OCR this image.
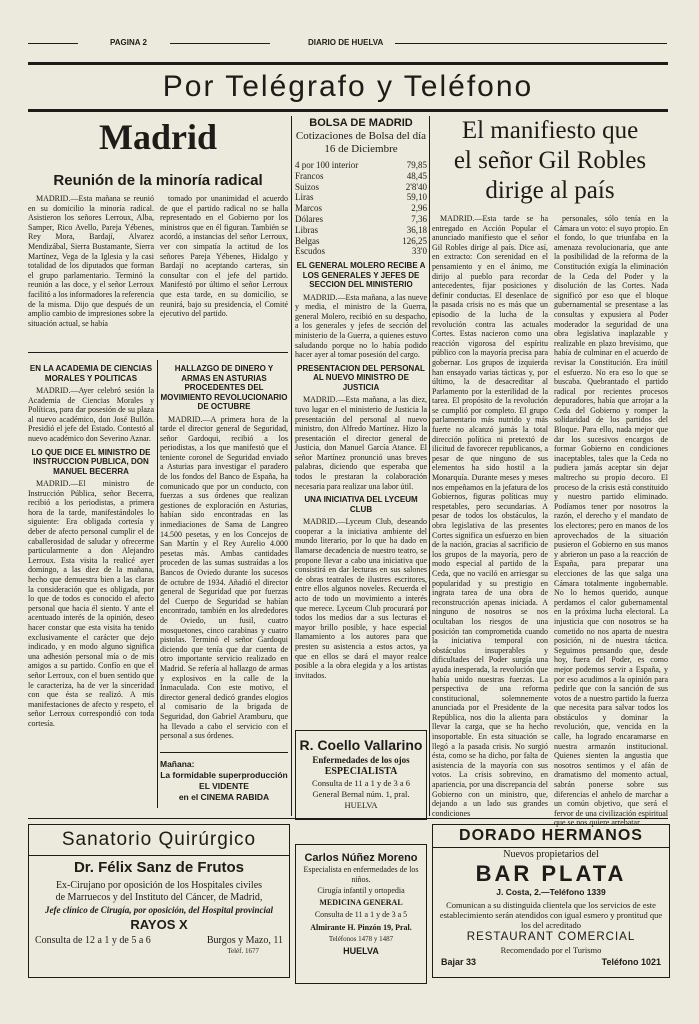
PAGINA 2	DIARIO DE HUELVA
Por Telégrafo y Teléfono
Madrid
Reunión de la minoría radical

MADRID.—Esta mañana se reunió en su domicilio la minoría radical. Asistieron los señores Lerroux, Alba, Samper, Rico Avello, Pareja Yébenes, Rey Mora, Bardají, Alvarez Mendizábal, Sierra Bustamante, Sierra Martínez, Vega de la Iglesia y la casi totalidad de los diputados que forman el grupo parlamentario. Terminó la reunión a las doce, y el señor Lerroux facilitó a los informadores la referencia de la misma. Dijo que después de un amplio cambio de impresiones sobre la situación actual, se había

tomado por unanimidad el acuerdo de que el partido radical no se halla representado en el Gobierno por los ministros que en él figuran. También se acordó, a instancias del señor Lerroux, ver con simpatía la actitud de los señores Pareja Yébenes, Hidalgo y Bardají no aceptando carteras, sin consultar con el jefe del partido. Manifestó por último el señor Lerroux que esta tarde, en su domicilio, se reunirá, bajo su presidencia, el Comité ejecutivo del partido.

EN LA ACADEMIA DE CIENCIAS MORALES Y POLITICAS

MADRID.—Ayer celebró sesión la Academia de Ciencias Morales y Políticas, para dar posesión de su plaza al nuevo académico, don José Bullón. Presidió el jefe del Estado. Contestó al nuevo académico don Severino Aznar.

LO QUE DICE EL MINISTRO DE INSTRUCCION PUBLICA, DON MANUEL BECERRA

MADRID.—El ministro de Instrucción Pública, señor Becerra, recibió a los periodistas, a primera hora de la tarde, manifestándoles lo siguiente: Era obligada cortesía y deber de afecto personal cumplir el de caballerosidad de saludar y ofrecerme particularmente a don Alejandro Lerroux. Esta visita la realicé ayer domingo, a las diez de la mañana, hecho que demuestra bien a las claras la consideración que es obligada, por lo que de todos es conocido el afecto personal que hacia él siento. Y ante el acentuado interés de la opinión, deseo hacer constar que esta visita ha tenido exclusivamente el carácter que dejo indicado, y en modo alguno significa una adhesión personal mía o de mis amigos a su partido. Confío en que el señor Lerroux, con el buen sentido que le caracteriza, ha de ver la sinceridad con que ésta se realizó. A mis manifestaciones de afecto y respeto, el señor Lerroux correspondió con toda cortesía.

HALLAZGO DE DINERO Y ARMAS EN ASTURIAS PROCEDENTES DEL MOVIMIENTO REVOLUCIONARIO DE OCTUBRE

MADRID.—A primera hora de la tarde el director general de Seguridad, señor Gardoqui, recibió a los periodistas, a los que manifestó que el teniente coronel de Seguridad enviado a Asturias para investigar el paradero de los fondos del Banco de España, ha comunicado que por un conducto, con fuerzas a sus órdenes que realizan gestiones de exploración en Asturias, habían sido encontradas en las inmediaciones de Sama de Langreo 14.500 pesetas, y en los Concejos de San Martín y el Rey Aurelio 4.000 pesetas más. Ambas cantidades proceden de las sumas sustraídas a los Bancos de Oviedo durante los sucesos de octubre de 1934. Añadió el director general de Seguridad que por fuerzas del Cuerpo de Seguridad se habían encontrado, también en los alrededores de Oviedo, un fusil, cuatro mosquetones, cinco carabinas y cuatro pistolas. Terminó el señor Gardoqui diciendo que tenía que dar cuenta de otro importante servicio realizado en Madrid. Se refería al hallazgo de armas y explosivos en la calle de la Inmaculada. Con este motivo, el director general dedicó grandes elogios al comisario de la brigada de Seguridad, don Gabriel Aramburu, que ha llevado a cabo el servicio con el personal a sus órdenes.

Mañana:
La formidable superproducción
EL VIDENTE
en el CINEMA RABIDA
BOLSA DE MADRID
Cotizaciones de Bolsa del día 16 de Diciembre
4 por 100 interior	79,85
Francos	48,45
Suizos	2'8'40
Liras	59,10
Marcos	2,96
Dólares	7,36
Libras	36,18
Belgas	126,25
Escudos	33'0
EL GENERAL MOLERO RECIBE A LOS GENERALES Y JEFES DE SECCION DEL MINISTERIO

MADRID.—Esta mañana, a las nueve y media, el ministro de la Guerra, general Molero, recibió en su despacho, a los generales y jefes de sección del ministerio de la Guerra, a quienes estuvo saludando porque no lo había podido hacer ayer al tomar posesión del cargo.

PRESENTACION DEL PERSONAL AL NUEVO MINISTRO DE JUSTICIA

MADRID.—Esta mañana, a las diez, tuvo lugar en el ministerio de Justicia la presentación del personal al nuevo ministro, don Alfredo Martínez. Hizo la presentación el director general de Justicia, don Manuel García Atance. El señor Martínez pronunció unas breves palabras, diciendo que esperaba que todos le prestaran la colaboración necesaria para realizar una labor útil.

UNA INICIATIVA DEL LYCEUM CLUB

MADRID.—Lyceum Club, deseando cooperar a la iniciativa ambiente del mundo literario, por lo que ha dado en llamarse decadencia de nuestro teatro, se propone llevar a cabo una iniciativa que consistirá en dar lecturas en sus salones de obras teatrales de ilustres escritores, entre ellos algunos noveles. Recuerda el acto de todo un movimiento a interés que merece. Lyceum Club procurará por todos los medios dar a sus lecturas el mayor brillo posible, y hace especial llamamiento a los autores para que presten su asistencia a estos actos, ya que en ellos se dará el mayor realce posible a la obra elegida y a los artistas invitados.

R. Coello Vallarino
Enfermedades de los ojos
ESPECIALISTA
Consulta de 11 a 1 y de 3 a 6
General Bernal núm. 1, pral.
HUELVA
El manifiesto que
el señor Gil Robles
dirige al país

MADRID.—Esta tarde se ha entregado en Acción Popular el anunciado manifiesto que el señor Gil Robles dirige al país. Dice así, en extracto: Con serenidad en el pensamiento y en el ánimo, me dirijo al pueblo para recordar antecedentes, fijar posiciones y definir conductas. El desenlace de la pasada crisis no es más que un episodio de la lucha de la revolución contra las actuales Cortes. Estas nacieron como una reacción vigorosa del espíritu público con la mayoría precisa para gobernar. Los grupos de izquierda han ensayado varias tácticas y, por último, la de desacreditar al Parlamento por la esterilidad de la tarea. El propósito de la revolución se cumplió por completo. El grupo parlamentario más nutrido y más fuerte no alcanzó jamás la total dirección política ni pretextó de ilicitud de favorecer republicanos, a pesar de que ninguno de sus elementos ha sido hostil a la Monarquía. Durante meses y meses nos empeñamos en la jefatura de los Gobiernos, figuras políticas muy respetables, pero secundarias. A pesar de todos los obstáculos, la obra legislativa de las presentes Cortes significa un esfuerzo en bien de la nación, gracias al sacrificio de los grupos de la mayoría, pero de modo especial al partido de la Ceda, que no vaciló en arriesgar su popularidad y su prestigio en ingrata tarea de una obra de reconstrucción apenas iniciada. A ninguno de nosotros se nos ocultaban los riesgos de una posición tan comprometida cuando la iniciativa temporal con obstáculos insuperables y dificultades del Poder surgía una ayuda inesperada, la revolución que había unido nuestras fuerzas. La perspectiva de una reforma constitucional, solemnemente anunciada por el Presidente de la República, nos dio la alienta para llevar la carga, que se ha hecho insoportable. En esta situación se llegó a la pasada crisis. No surgió ésta, como se ha dicho, por falta de asistencia de la mayoría con sus votos. La crisis sobrevino, en apariencia, por una discrepancia del Gobierno con un ministro, que, dejando a un lado sus grandes condiciones

personales, sólo tenía en la Cámara un voto: el suyo propio. En el fondo, lo que triunfaba en la amenaza revolucionaria, que ante la posibilidad de la reforma de la Constitución exigía la eliminación de la Ceda del Poder y la disolución de las Cortes. Nada significó por eso que el bloque gubernamental se presentase a las consultas y expusiera al Poder moderador la seguridad de una obra legislativa inaplazable y realizable en plazo brevísimo, que había de culminar en el acuerdo de revisar la Constitución. Era inútil el esfuerzo. No era eso lo que se buscaba. Quebrantado el partido radical por recientes procesos depuradores, había que arrojar a la Ceda del Gobierno y romper la solidaridad de los partidos del Bloque. Para ello, nada mejor que dar los sucesivos encargos de formar Gobierno en condiciones inaceptables, tales que la Ceda no pudiera jamás aceptar sin dejar maltrecho su propio decoro. El proceso de la crisis está constituido y nuestro partido eliminado. Podíamos tener por nosotros la razón, el derecho y el mandato de los electores; pero en manos de los aprovechados de la situación pusieron el Gobierno en sus manos y abrieron un paso a la reacción de España, para preparar una elecciones de las que salga una Cámara totalmente ingobernable. No lo hemos querido, aunque perdamos el calor gubernamental en la próxima lucha electoral. La injusticia que con nosotros se ha cometido no nos aparta de nuestra posición, ni de nuestra táctica. Seguimos pensando que, desde hoy, fuera del Poder, es como mejor podemos servir a España, y por eso acudimos a la opinión para pedirle que con la sanción de sus votos de a nuestro partido la fuerza que necesita para salvar todos los obstáculos y dominar la revolución, que, vencida en la calle, ha logrado encaramarse en nuestra armazón institucional. Quienes sienten la angustia que nosotros sentimos y el afán de dramatismo del momento actual, sabrán ponerse sobre sus diferencias el anhelo de marchar a un común objetivo, que será el fervor de una civilización espiritual que se nos quiere arrebatar.

Sanatorio Quirúrgico
Dr. Félix Sanz de Frutos
Ex-Cirujano por oposición de los Hospitales civiles
de Marruecos y del Instituto del Cáncer, de Madrid,
Jefe clínico de Cirugía, por oposición, del Hospital provincial
RAYOS X
Consulta de 12 a 1 y de 5 a 6	Burgos y Mazo, 11
Teléf. 1677
Carlos Núñez Moreno
Especialista en enfermedades de los niños.
Cirugía infantil y ortopedia
MEDICINA GENERAL
Consulta de 11 a 1 y de 3 a 5
Almirante H. Pinzón 19, Pral.
Teléfonos 1478 y 1487
HUELVA
DORADO HERMANOS
Nuevos propietarios del
BAR PLATA
J. Costa, 2.—Teléfono 1339
Comunican a su distinguida clientela que los servicios de este establecimiento serán atendidos con igual esmero y prontitud que los del acreditado
RESTAURANT COMERCIAL
Recomendado por el Turismo
Bajar 33	Teléfono 1021
